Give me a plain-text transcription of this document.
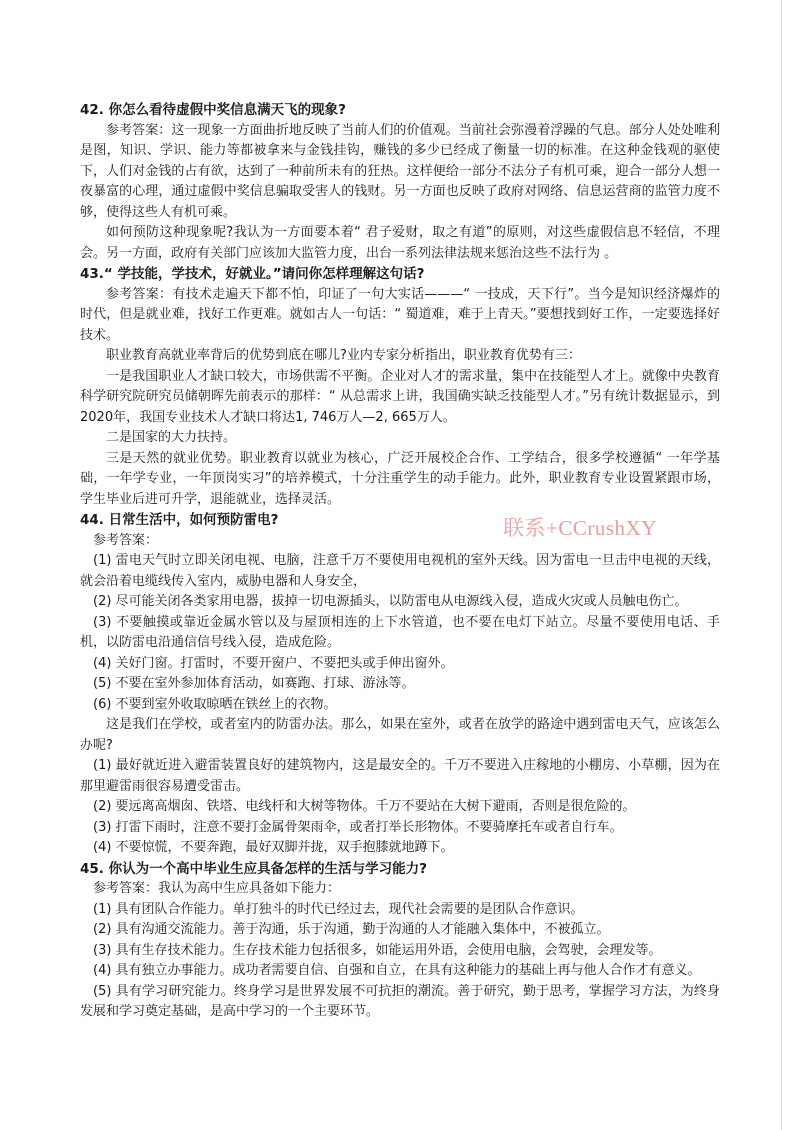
42. 你怎么看待虚假中奖信息满天飞的现象?

参考答案：这一现象一方面曲折地反映了当前人们的价值观。当前社会弥漫着浮躁的气息。部分人处处唯利是图，知识、学识、能力等都被拿来与金钱挂钩，赚钱的多少已经成了衡量一切的标准。在这种金钱观的驱使下，人们对金钱的占有欲，达到了一种前所未有的狂热。这样便给一部分不法分子有机可乘，迎合一部分人想一夜暴富的心理，通过虚假中奖信息骗取受害人的钱财。另一方面也反映了政府对网络、信息运营商的监管力度不够，使得这些人有机可乘。

如何预防这种现象呢?我认为一方面要本着“ 君子爱财，取之有道”的原则，对这些虚假信息不轻信，不理会。另一方面，政府有关部门应该加大监管力度，出台一系列法律法规来惩治这些不法行为 。

43.“ 学技能，学技术，好就业。”请问你怎样理解这句话?

参考答案：有技术走遍天下都不怕，印证了一句大实话———“ 一技成，天下行”。当今是知识经济爆炸的时代，但是就业难，找好工作更难。就如古人一句话：“ 蜀道难，难于上青天。”要想找到好工作，一定要选择好技术。

职业教育高就业率背后的优势到底在哪儿?业内专家分析指出，职业教育优势有三：

一是我国职业人才缺口较大，市场供需不平衡。企业对人才的需求量，集中在技能型人才上。就像中央教育科学研究院研究员储朝晖先前表示的那样：“ 从总需求上讲，我国确实缺乏技能型人才。”另有统计数据显示，到2020年，我国专业技术人才缺口将达1, 746万人—2, 665万人。

二是国家的大力扶持。

三是天然的就业优势。职业教育以就业为核心，广泛开展校企合作、工学结合，很多学校遵循“ 一年学基础，一年学专业，一年顶岗实习”的培养模式，十分注重学生的动手能力。此外，职业教育专业设置紧跟市场，学生毕业后进可升学，退能就业，选择灵活。

44. 日常生活中，如何预防雷电?

参考答案：

(1) 雷电天气时立即关闭电视、电脑，注意千万不要使用电视机的室外天线。因为雷电一旦击中电视的天线，就会沿着电缆线传入室内，威胁电器和人身安全，

(2) 尽可能关闭各类家用电器，拔掉一切电源插头，以防雷电从电源线入侵，造成火灾或人员触电伤亡。

(3) 不要触摸或靠近金属水管以及与屋顶相连的上下水管道，也不要在电灯下站立。尽量不要使用电话、手机，以防雷电沿通信信号线入侵，造成危险。

(4) 关好门窗。打雷时，不要开窗户、不要把头或手伸出窗外。

(5) 不要在室外参加体育活动，如赛跑、打球、游泳等。

(6) 不要到室外收取晾晒在铁丝上的衣物。

这是我们在学校，或者室内的防雷办法。那么，如果在室外，或者在放学的路途中遇到雷电天气，应该怎么办呢?

(1) 最好就近进入避雷装置良好的建筑物内，这是最安全的。千万不要进入庄稼地的小棚房、小草棚，因为在那里避雷雨很容易遭受雷击。

(2) 要远离高烟囱、铁塔、电线杆和大树等物体。千万不要站在大树下避雨，否则是很危险的。

(3) 打雷下雨时，注意不要打金属骨架雨伞，或者打举长形物体。不要骑摩托车或者自行车。

(4) 不要惊慌，不要奔跑，最好双脚并拢，双手抱膝就地蹲下。

45. 你认为一个高中毕业生应具备怎样的生活与学习能力?

参考答案：我认为高中生应具备如下能力：

(1) 具有团队合作能力。单打独斗的时代已经过去，现代社会需要的是团队合作意识。

(2) 具有沟通交流能力。善于沟通，乐于沟通，勤于沟通的人才能融入集体中，不被孤立。

(3) 具有生存技术能力。生存技术能力包括很多，如能运用外语，会使用电脑，会驾驶，会理发等。

(4) 具有独立办事能力。成功者需要自信、自强和自立，在具有这种能力的基础上再与他人合作才有意义。

(5) 具有学习研究能力。终身学习是世界发展不可抗拒的潮流。善于研究，勤于思考，掌握学习方法，为终身发展和学习奠定基础，是高中学习的一个主要环节。

联系+CCrushXY
